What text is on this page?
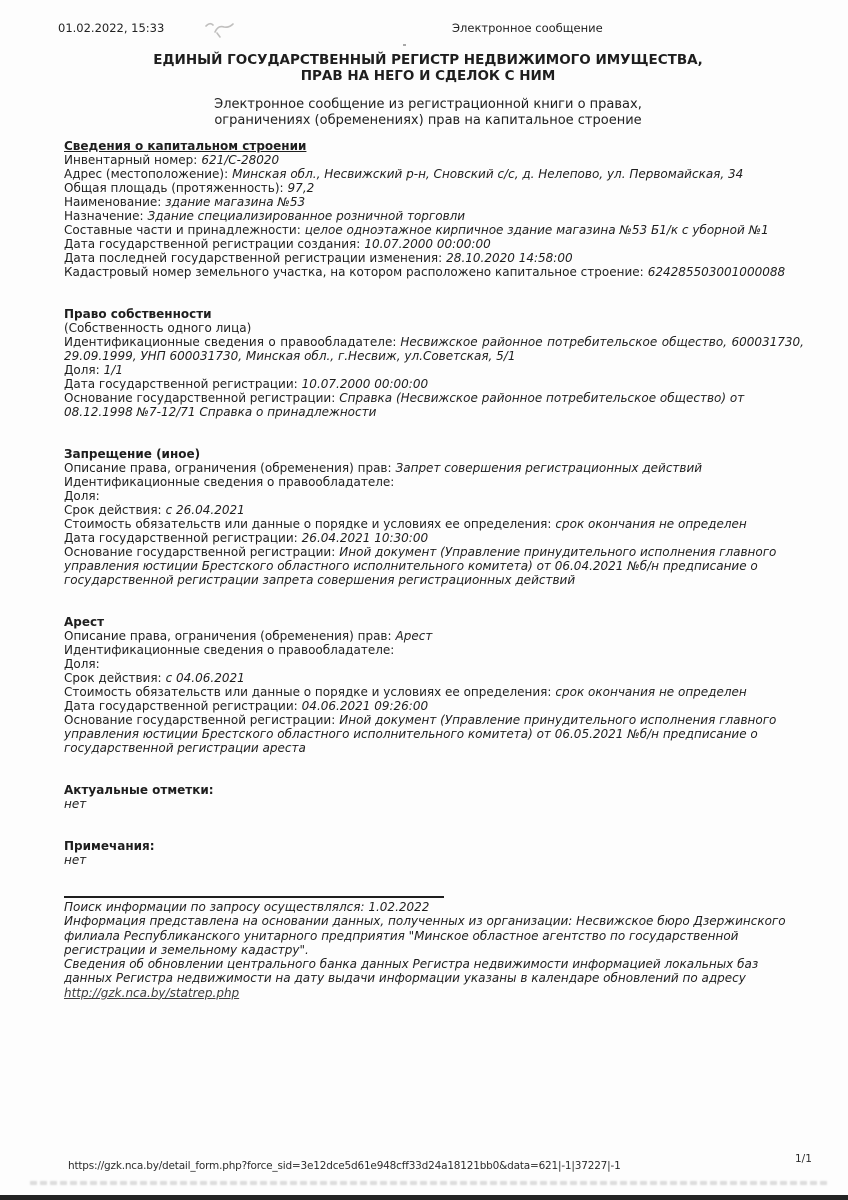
01.02.2022, 15:33	Электронное сообщение

ЕДИНЫЙ ГОСУДАРСТВЕННЫЙ РЕГИСТР НЕДВИЖИМОГО ИМУЩЕСТВА,

ПРАВ НА НЕГО И СДЕЛОК С НИМ

Электронное сообщение из регистрационной книги о правах,

ограничениях (обременениях) прав на капитальное строение

Сведения о капитальном строении

Инвентарный номер: 621/С-28020

Адрес (местоположение): Минская обл., Несвижский р-н, Сновский с/с, д. Нелепово, ул. Первомайская, 34

Общая площадь (протяженность): 97,2

Наименование: здание магазина №53

Назначение: Здание специализированное розничной торговли

Составные части и принадлежности: целое одноэтажное кирпичное здание магазина №53 Б1/к с уборной №1

Дата государственной регистрации создания: 10.07.2000 00:00:00

Дата последней государственной регистрации изменения: 28.10.2020 14:58:00

Кадастровый номер земельного участка, на котором расположено капитальное строение: 624285503001000088

Право собственности

(Собственность одного лица)

Идентификационные сведения о правообладателе: Несвижское районное потребительское общество, 600031730, 29.09.1999, УНП 600031730, Минская обл., г.Несвиж, ул.Советская, 5/1

Доля: 1/1

Дата государственной регистрации: 10.07.2000 00:00:00

Основание государственной регистрации: Справка (Несвижское районное потребительское общество) от 08.12.1998 №7-12/71 Справка о принадлежности

Запрещение (иное)

Описание права, ограничения (обременения) прав: Запрет совершения регистрационных действий

Идентификационные сведения о правообладателе:

Доля:

Срок действия: с 26.04.2021

Стоимость обязательств или данные о порядке и условиях ее определения: срок окончания не определен

Дата государственной регистрации: 26.04.2021 10:30:00

Основание государственной регистрации: Иной документ (Управление принудительного исполнения главного управления юстиции Брестского областного исполнительного комитета) от 06.04.2021 №б/н предписание о государственной регистрации запрета совершения регистрационных действий

Арест

Описание права, ограничения (обременения) прав: Арест

Идентификационные сведения о правообладателе:

Доля:

Срок действия: с 04.06.2021

Стоимость обязательств или данные о порядке и условиях ее определения: срок окончания не определен

Дата государственной регистрации: 04.06.2021 09:26:00

Основание государственной регистрации: Иной документ (Управление принудительного исполнения главного управления юстиции Брестского областного исполнительного комитета) от 06.05.2021 №б/н предписание о государственной регистрации ареста

Актуальные отметки:

нет

Примечания:

нет

Поиск информации по запросу осуществлялся: 1.02.2022

Информация представлена на основании данных, полученных из организации: Несвижское бюро Дзержинского филиала Республиканского унитарного предприятия "Минское областное агентство по государственной регистрации и земельному кадастру".

Сведения об обновлении центрального банка данных Регистра недвижимости информацией локальных баз данных Регистра недвижимости на дату выдачи информации указаны в календаре обновлений по адресу

http://gzk.nca.by/statrep.php

https://gzk.nca.by/detail_form.php?force_sid=3e12dce5d61e948cff33d24a18121bb0&data=621|-1|37227|-1
1/1
